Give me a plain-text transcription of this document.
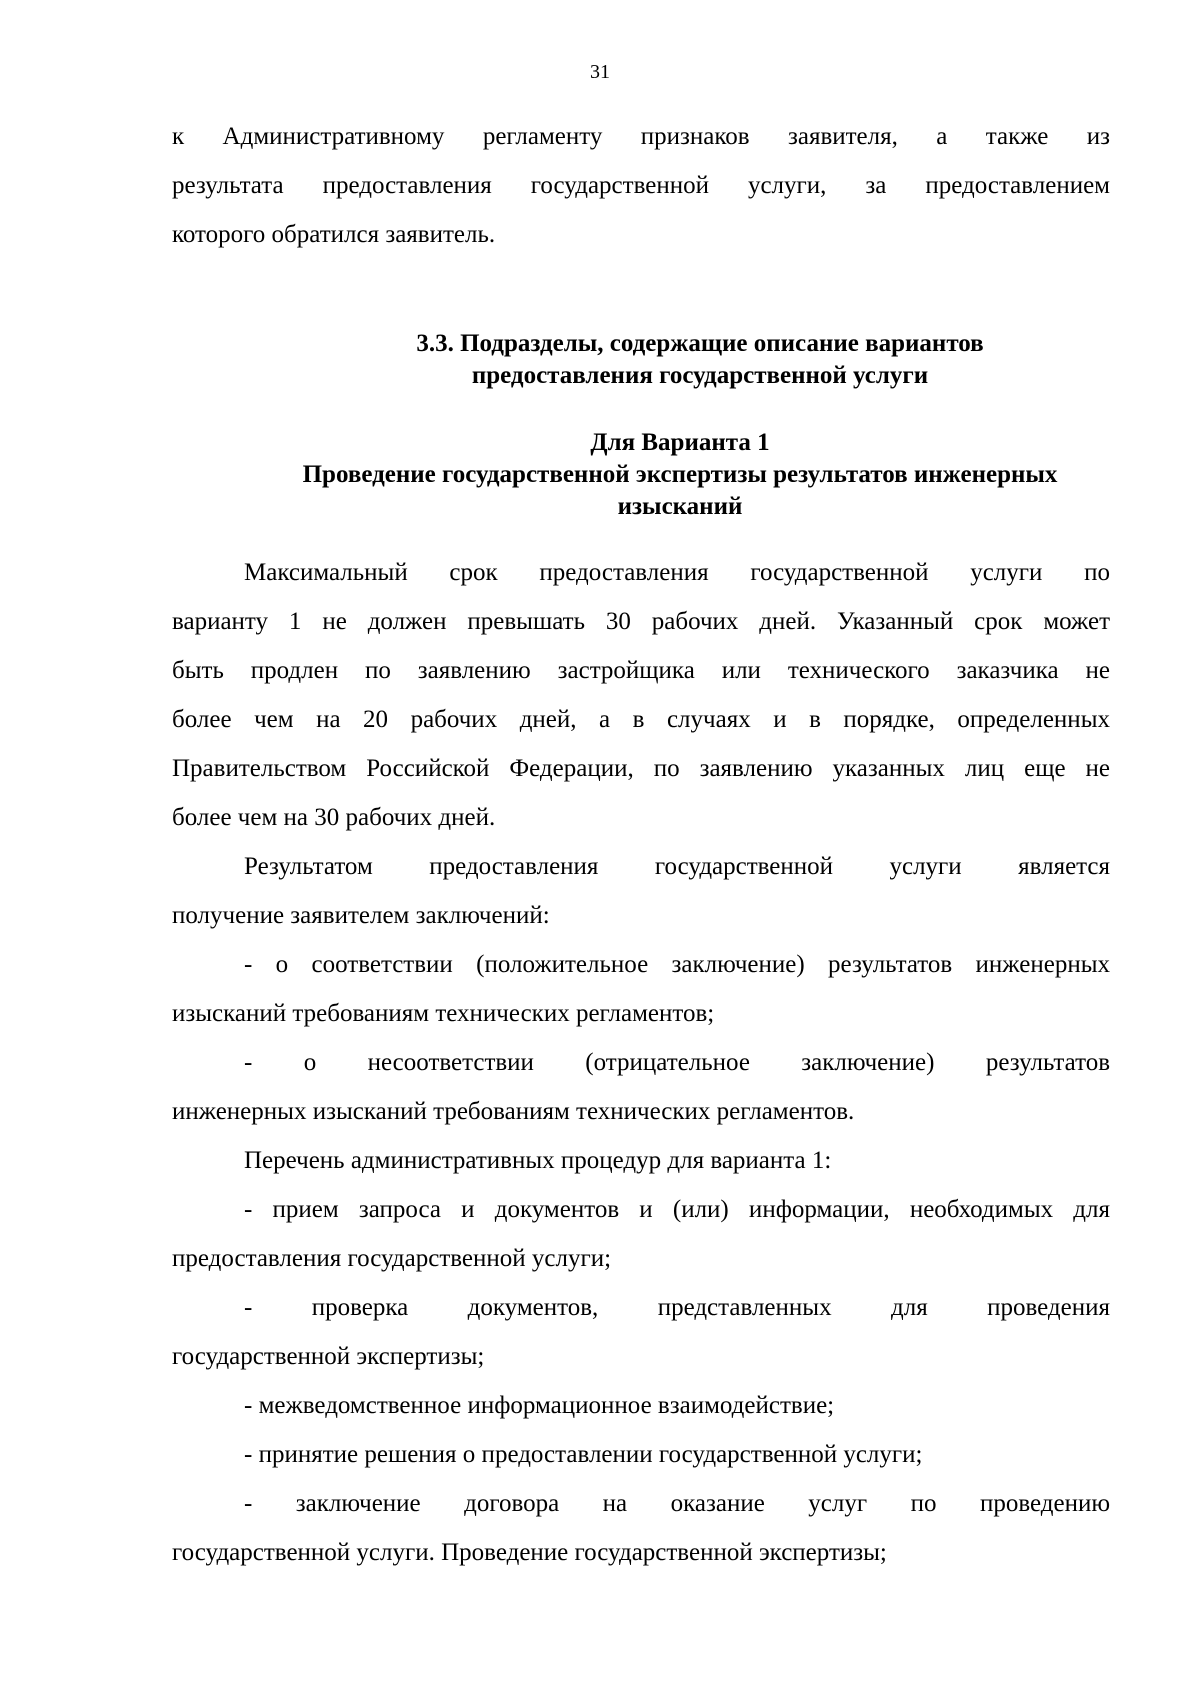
31
к Административному регламенту признаков заявителя, а также из
результата предоставления государственной услуги, за предоставлением
которого обратился заявитель.
3.3. Подразделы, содержащие описание вариантов
предоставления государственной услуги
Для Варианта 1
Проведение государственной экспертизы результатов инженерных
изысканий
Максимальный срок предоставления государственной услуги по
варианту 1 не должен превышать 30 рабочих дней. Указанный срок может
быть продлен по заявлению застройщика или технического заказчика не
более чем на 20 рабочих дней, а в случаях и в порядке, определенных
Правительством Российской Федерации, по заявлению указанных лиц еще не
более чем на 30 рабочих дней.
Результатом предоставления государственной услуги является
получение заявителем заключений:
- о соответствии (положительное заключение) результатов инженерных
изысканий требованиям технических регламентов;
- о несоответствии (отрицательное заключение) результатов
инженерных изысканий требованиям технических регламентов.
Перечень административных процедур для варианта 1:
- прием запроса и документов и (или) информации, необходимых для
предоставления государственной услуги;
- проверка документов, представленных для проведения
государственной экспертизы;
- межведомственное информационное взаимодействие;
- принятие решения о предоставлении государственной услуги;
- заключение договора на оказание услуг по проведению
государственной услуги. Проведение государственной экспертизы;
